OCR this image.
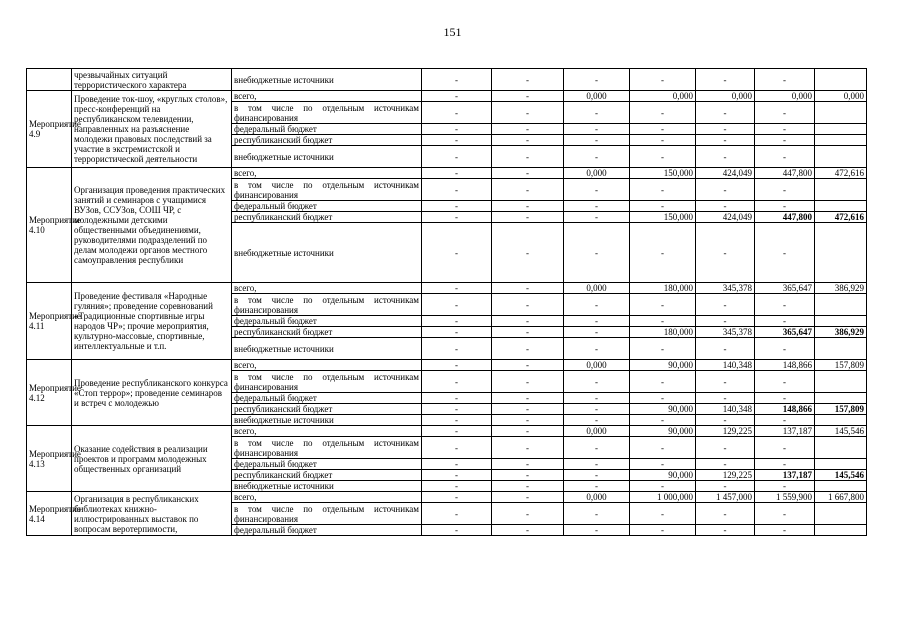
151
	чрезвычайных ситуаций террористического характера	внебюджетные источники	-	-	-	-	-	-	
Мероприятие 4.9	Проведение ток-шоу, «круглых столов», пресс-конференций на республиканском телевидении, направленных на разъяснение молодежи правовых последствий за участие в экстремистской и террористической деятельности	всего,	-	-	0,000	0,000	0,000	0,000	0,000
		в том числе по отдельным источникам финансирования	-	-	-	-	-	-	
		федеральный бюджет	-	-	-	-	-	-	
		республиканский бюджет	-	-	-	-	-	-	
		внебюджетные источники	-	-	-	-	-	-	
Мероприятие 4.10	Организация проведения практических занятий и семинаров с учащимися ВУЗов, ССУЗов, СОШ ЧР, с молодежными детскими общественными объединениями, руководителями подразделений по делам молодежи органов местного самоуправления республики	всего,	-	-	0,000	150,000	424,049	447,800	472,616
		в том числе по отдельным источникам финансирования	-	-	-	-	-	-	
		федеральный бюджет	-	-	-	-	-	-	
		республиканский бюджет	-	-	-	150,000	424,049	447,800	472,616
		внебюджетные источники	-	-	-	-	-	-	
Мероприятие 4.11	Проведение фестиваля «Народные гуляния»; проведение соревнований «Традиционные спортивные игры народов ЧР»; прочие мероприятия, культурно-массовые, спортивные, интеллектуальные и т.п.	всего,	-	-	0,000	180,000	345,378	365,647	386,929
		в том числе по отдельным источникам финансирования	-	-	-	-	-	-	
		федеральный бюджет	-	-	-	-	-	-	
		республиканский бюджет	-	-	-	180,000	345,378	365,647	386,929
		внебюджетные источники	-	-	-	-	-	-	
Мероприятие 4.12	Проведение республиканского конкурса «Стоп террор»; проведение семинаров и встреч с молодежью	всего,	-	-	0,000	90,000	140,348	148,866	157,809
		в том числе по отдельным источникам финансирования	-	-	-	-	-	-	
		федеральный бюджет	-	-	-	-	-	-	
		республиканский бюджет	-	-	-	90,000	140,348	148,866	157,809
		внебюджетные источники	-	-	-	-	-	-	
Мероприятие 4.13	Оказание содействия в реализации проектов и программ молодежных общественных организаций	всего,	-	-	0,000	90,000	129,225	137,187	145,546
		в том числе по отдельным источникам финансирования	-	-	-	-	-	-	
		федеральный бюджет	-	-	-	-	-	-	
		республиканский бюджет	-	-	-	90,000	129,225	137,187	145,546
		внебюджетные источники	-	-	-	-	-	-	
Мероприятие 4.14	Организация в республиканских библиотеках книжно-иллюстрированных выставок по вопросам веротерпимости,	всего,	-	-	0,000	1 000,000	1 457,000	1 559,900	1 667,800
		в том числе по отдельным источникам финансирования	-	-	-	-	-	-	
		федеральный бюджет	-	-	-	-	-	-	
